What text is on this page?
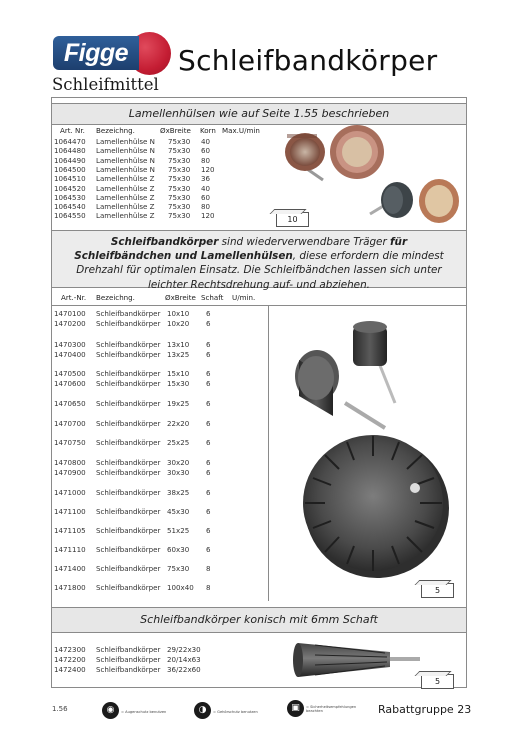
Figge
Schleifmittel
Schleifbandkörper
Lamellenhülsen wie auf Seite 1.55 beschrieben
Art. Nr. Bezeichng.	ØxBreite Korn Max.U/min
1064470 Lamellenhülse N 75x30 40
1064480 Lamellenhülse N 75x30 60
1064490 Lamellenhülse N 75x30 80
1064500 Lamellenhülse N 75x30 120
1064510 Lamellenhülse Z 75x30 36
1064520 Lamellenhülse Z 75x30 40
1064530 Lamellenhülse Z 75x30 60
1064540 Lamellenhülse Z 75x30 80
1064550 Lamellenhülse Z 75x30 120	10
Schleifbandkörper sind wiederverwendbare Träger für
Schleifbändchen und Lamellenhülsen, diese erfordern die mindest
Drehzahl für optimalen Einsatz. Die Schleifbändchen lassen sich unter
leichter Rechtsdrehung auf- und abziehen.
Art.-Nr. Bezeichng.	ØxBreite Schaft U/min.
1470100 Schleifbandkörper 10x10 6
1470200 Schleifbandkörper 10x20 6
1470300 Schleifbandkörper 13x10 6
1470400 Schleifbandkörper 13x25 6
1470500 Schleifbandkörper 15x10 6
1470600 Schleifbandkörper 15x30 6
1470650 Schleifbandkörper 19x25 6
1470700 Schleifbandkörper 22x20 6
1470750 Schleifbandkörper 25x25 6
1470800 Schleifbandkörper 30x20 6
1470900 Schleifbandkörper 30x30 6
1471000 Schleifbandkörper 38x25 6
1471100 Schleifbandkörper 45x30 6
1471105 Schleifbandkörper 51x25 6
1471110 Schleifbandkörper 60x30 6
1471400 Schleifbandkörper 75x30 8
1471800 Schleifbandkörper 100x40 8	5
Schleifbandkörper konisch mit 6mm Schaft
1472300 Schleifbandkörper 29/22x30
1472200 Schleifbandkörper 20/14x63
1472400 Schleifbandkörper 36/22x60
5
1.56	◉	= Augenschutz benutzen	◑	= Gehörschutz benutzen	▣	= Sicherheitsempfehlungen
beachten	Rabattgruppe 23
